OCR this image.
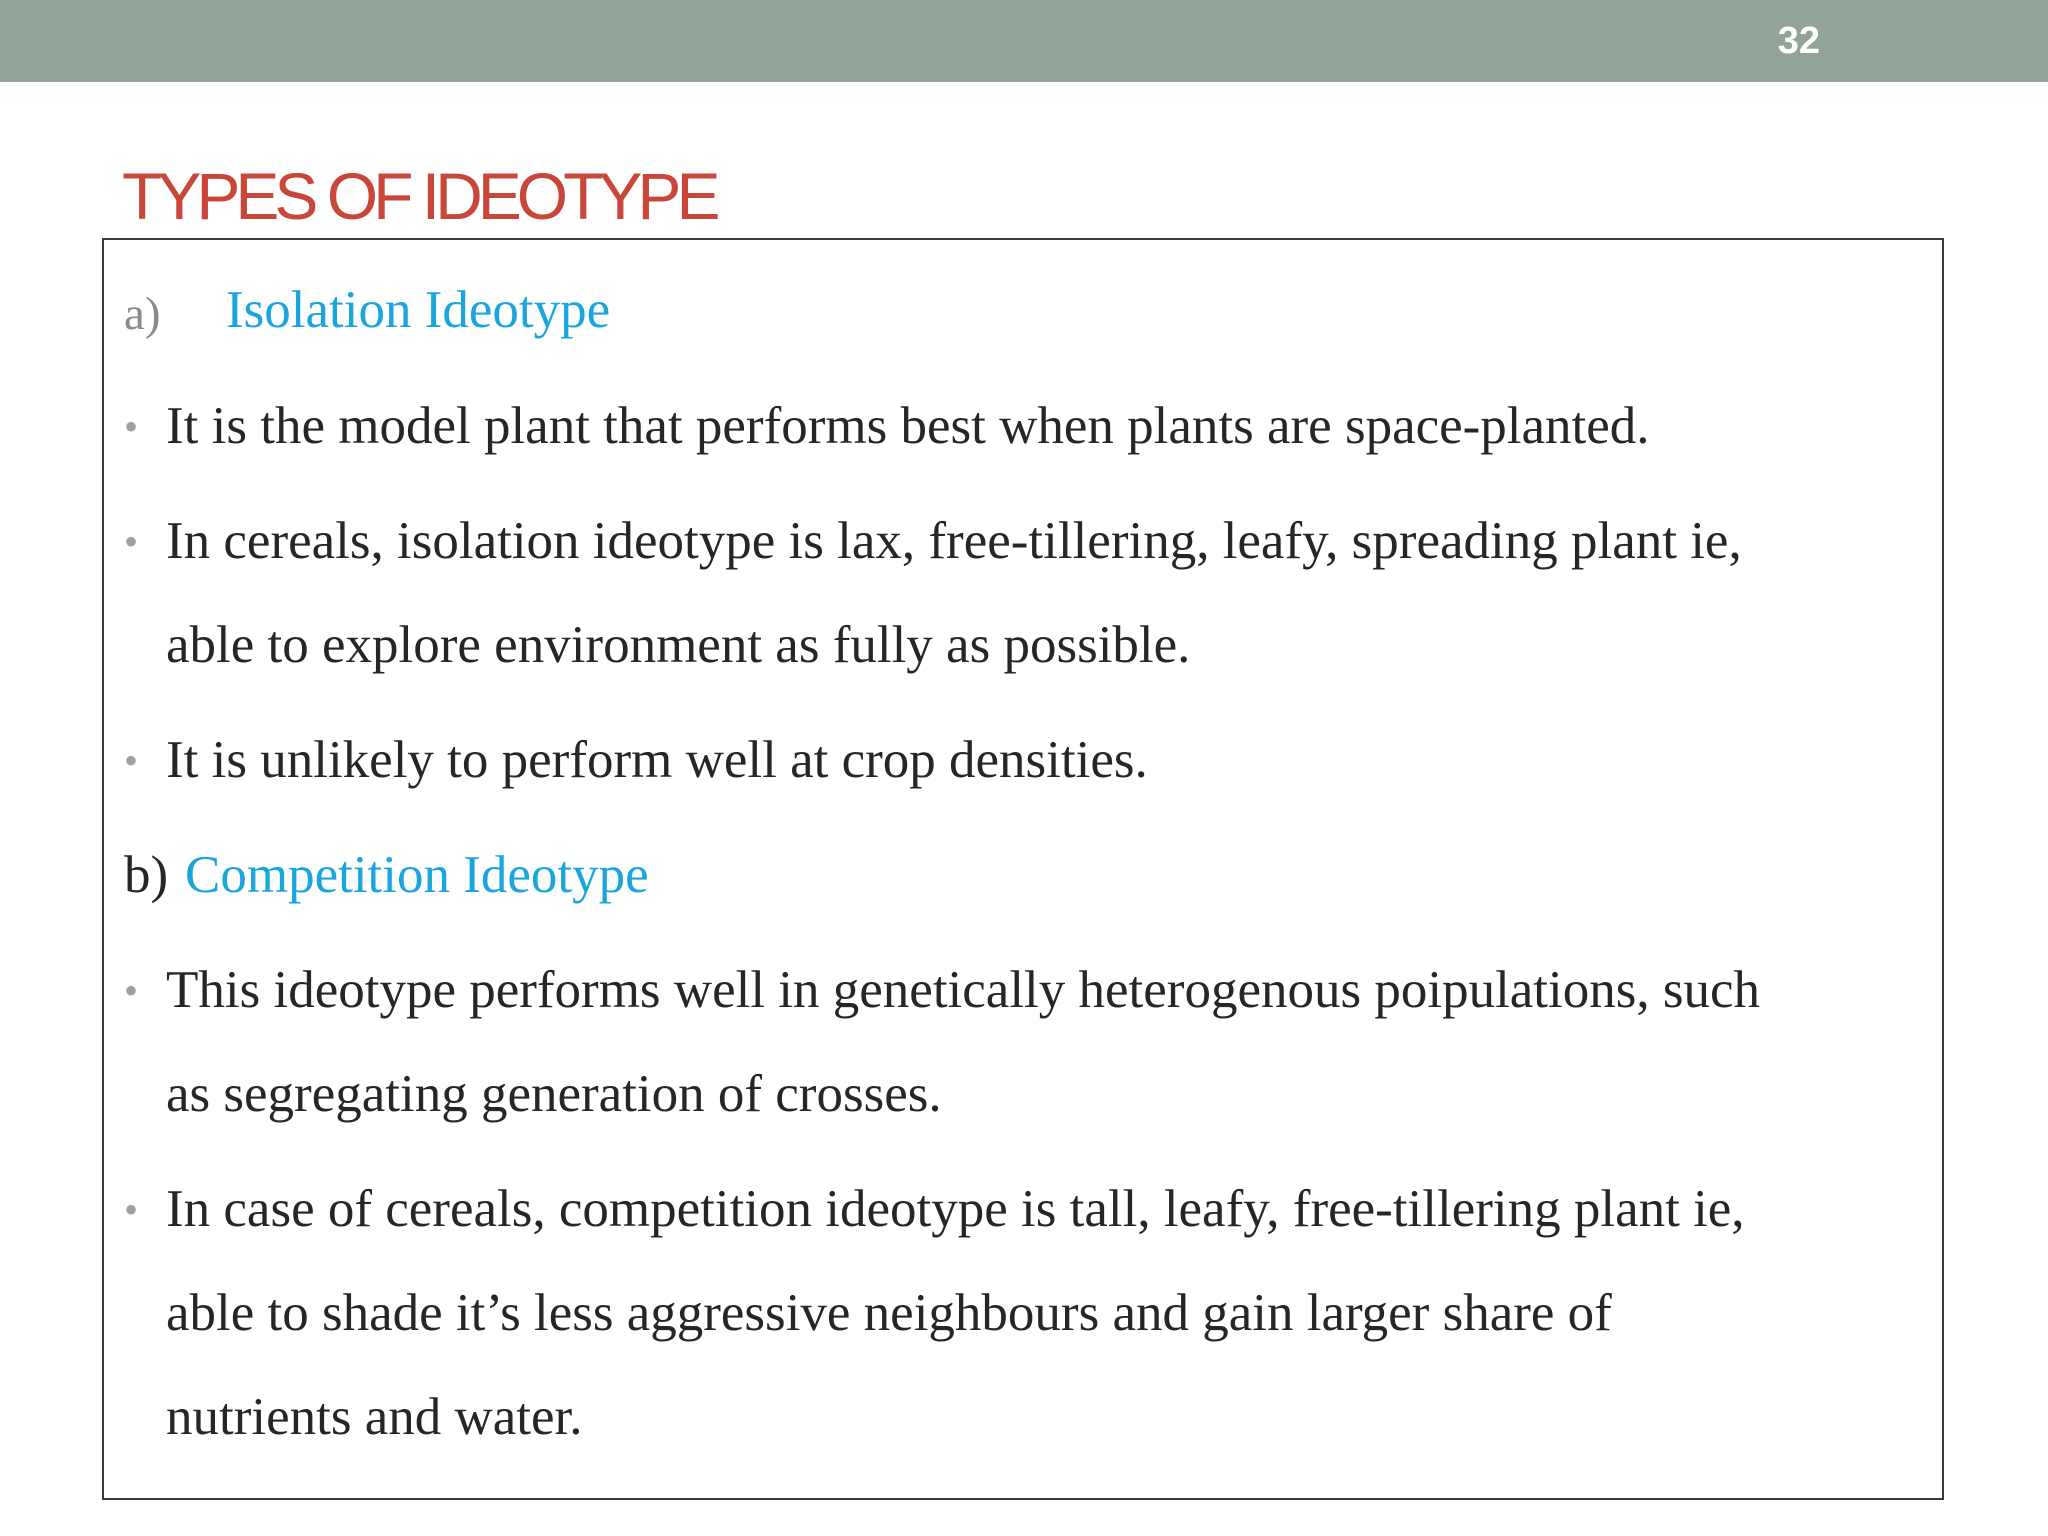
32
TYPES OF IDEOTYPE
a) Isolation Ideotype
• It is the model plant that performs best when plants are space-planted.
• In cereals, isolation ideotype is lax, free-tillering, leafy, spreading plant ie,
able to explore environment as fully as possible.
• It is unlikely to perform well at crop densities.
b) Competition Ideotype
• This ideotype performs well in genetically heterogenous poipulations, such
as segregating generation of crosses.
• In case of cereals, competition ideotype is tall, leafy, free-tillering plant ie,
able to shade it’s less aggressive neighbours and gain larger share of
nutrients and water.
